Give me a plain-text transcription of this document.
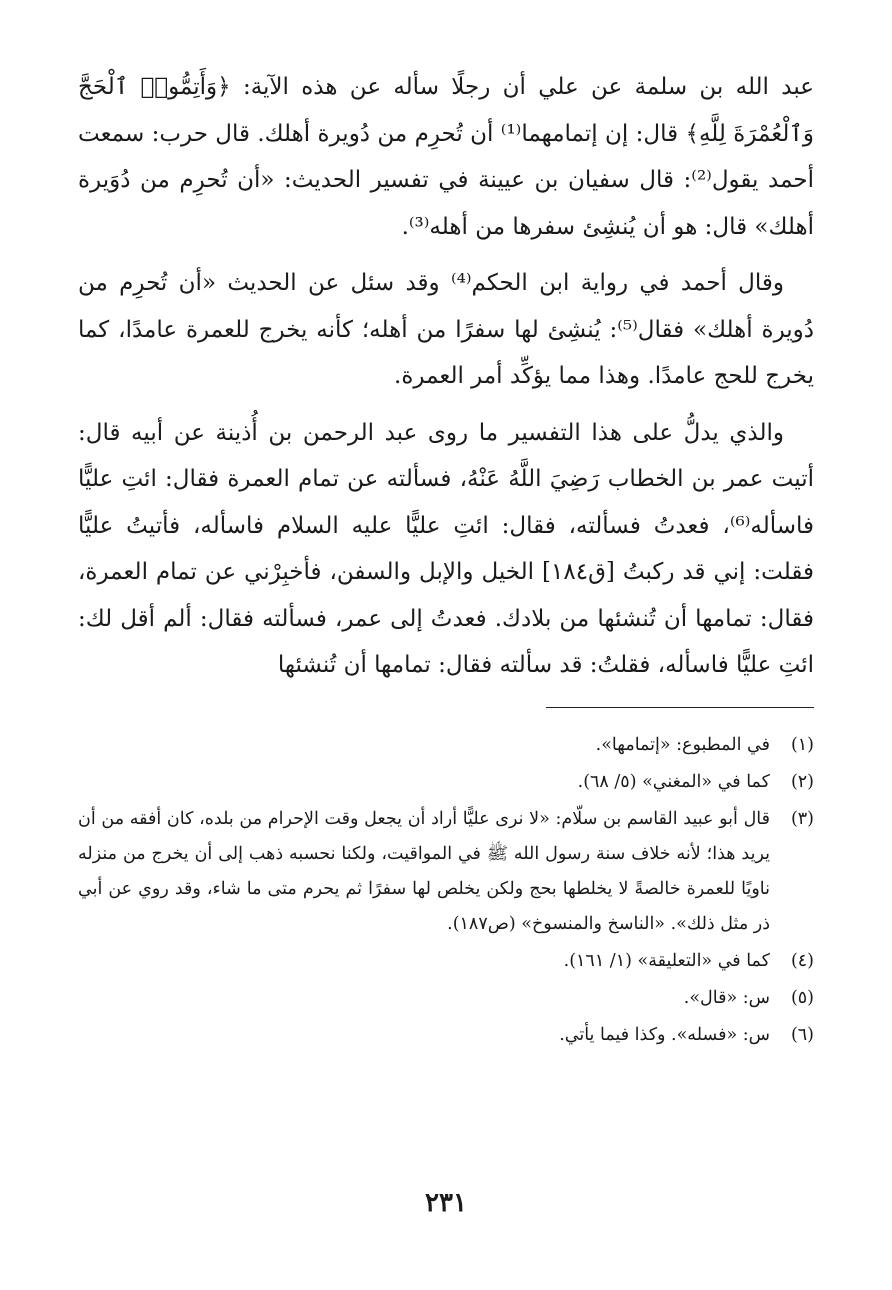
عبد الله بن سلمة عن علي أن رجلًا سأله عن هذه الآية: ﴿وَأَتِمُّوا۟ ٱلْحَجَّ وَٱلْعُمْرَةَ لِلَّهِ﴾ قال: إن إتمامهما⁽¹⁾ أن تُحرِم من دُويرة أهلك. قال حرب: سمعت أحمد يقول⁽²⁾: قال سفيان بن عيينة في تفسير الحديث: «أن تُحرِم من دُوَيرة أهلك» قال: هو أن يُنشِئ سفرها من أهله⁽³⁾.

وقال أحمد في رواية ابن الحكم⁽⁴⁾ وقد سئل عن الحديث «أن تُحرِم من دُويرة أهلك» فقال⁽⁵⁾: يُنشِئ لها سفرًا من أهله؛ كأنه يخرج للعمرة عامدًا، كما يخرج للحج عامدًا. وهذا مما يؤكِّد أمر العمرة.

والذي يدلُّ على هذا التفسير ما روى عبد الرحمن بن أُذينة عن أبيه قال: أتيت عمر بن الخطاب رَضِيَ اللَّهُ عَنْهُ، فسألته عن تمام العمرة فقال: ائتِ عليًّا فاسأله⁽⁶⁾، فعدتُ فسألته، فقال: ائتِ عليًّا عليه السلام فاسأله، فأتيتُ عليًّا فقلت: إني قد ركبتُ [ق١٨٤] الخيل والإبل والسفن، فأخبِرْني عن تمام العمرة، فقال: تمامها أن تُنشئها من بلادك. فعدتُ إلى عمر، فسألته فقال: ألم أقل لك: ائتِ عليًّا فاسأله، فقلتُ: قد سألته فقال: تمامها أن تُنشئها

(١)
في المطبوع: «إتمامها».
(٢)
كما في «المغني» (٥/ ٦٨).
(٣)
قال أبو عبيد القاسم بن سلّام: «لا نرى عليًّا أراد أن يجعل وقت الإحرام من بلده، كان أفقه من أن يريد هذا؛ لأنه خلاف سنة رسول الله ﷺ في المواقيت، ولكنا نحسبه ذهب إلى أن يخرج من منزله ناويًا للعمرة خالصةً لا يخلطها بحج ولكن يخلص لها سفرًا ثم يحرم متى ما شاء، وقد روي عن أبي ذر مثل ذلك». «الناسخ والمنسوخ» (ص١٨٧).
(٤)
كما في «التعليقة» (١/ ١٦١).
(٥)
س: «قال».
(٦)
س: «فسله». وكذا فيما يأتي.
٢٣١
